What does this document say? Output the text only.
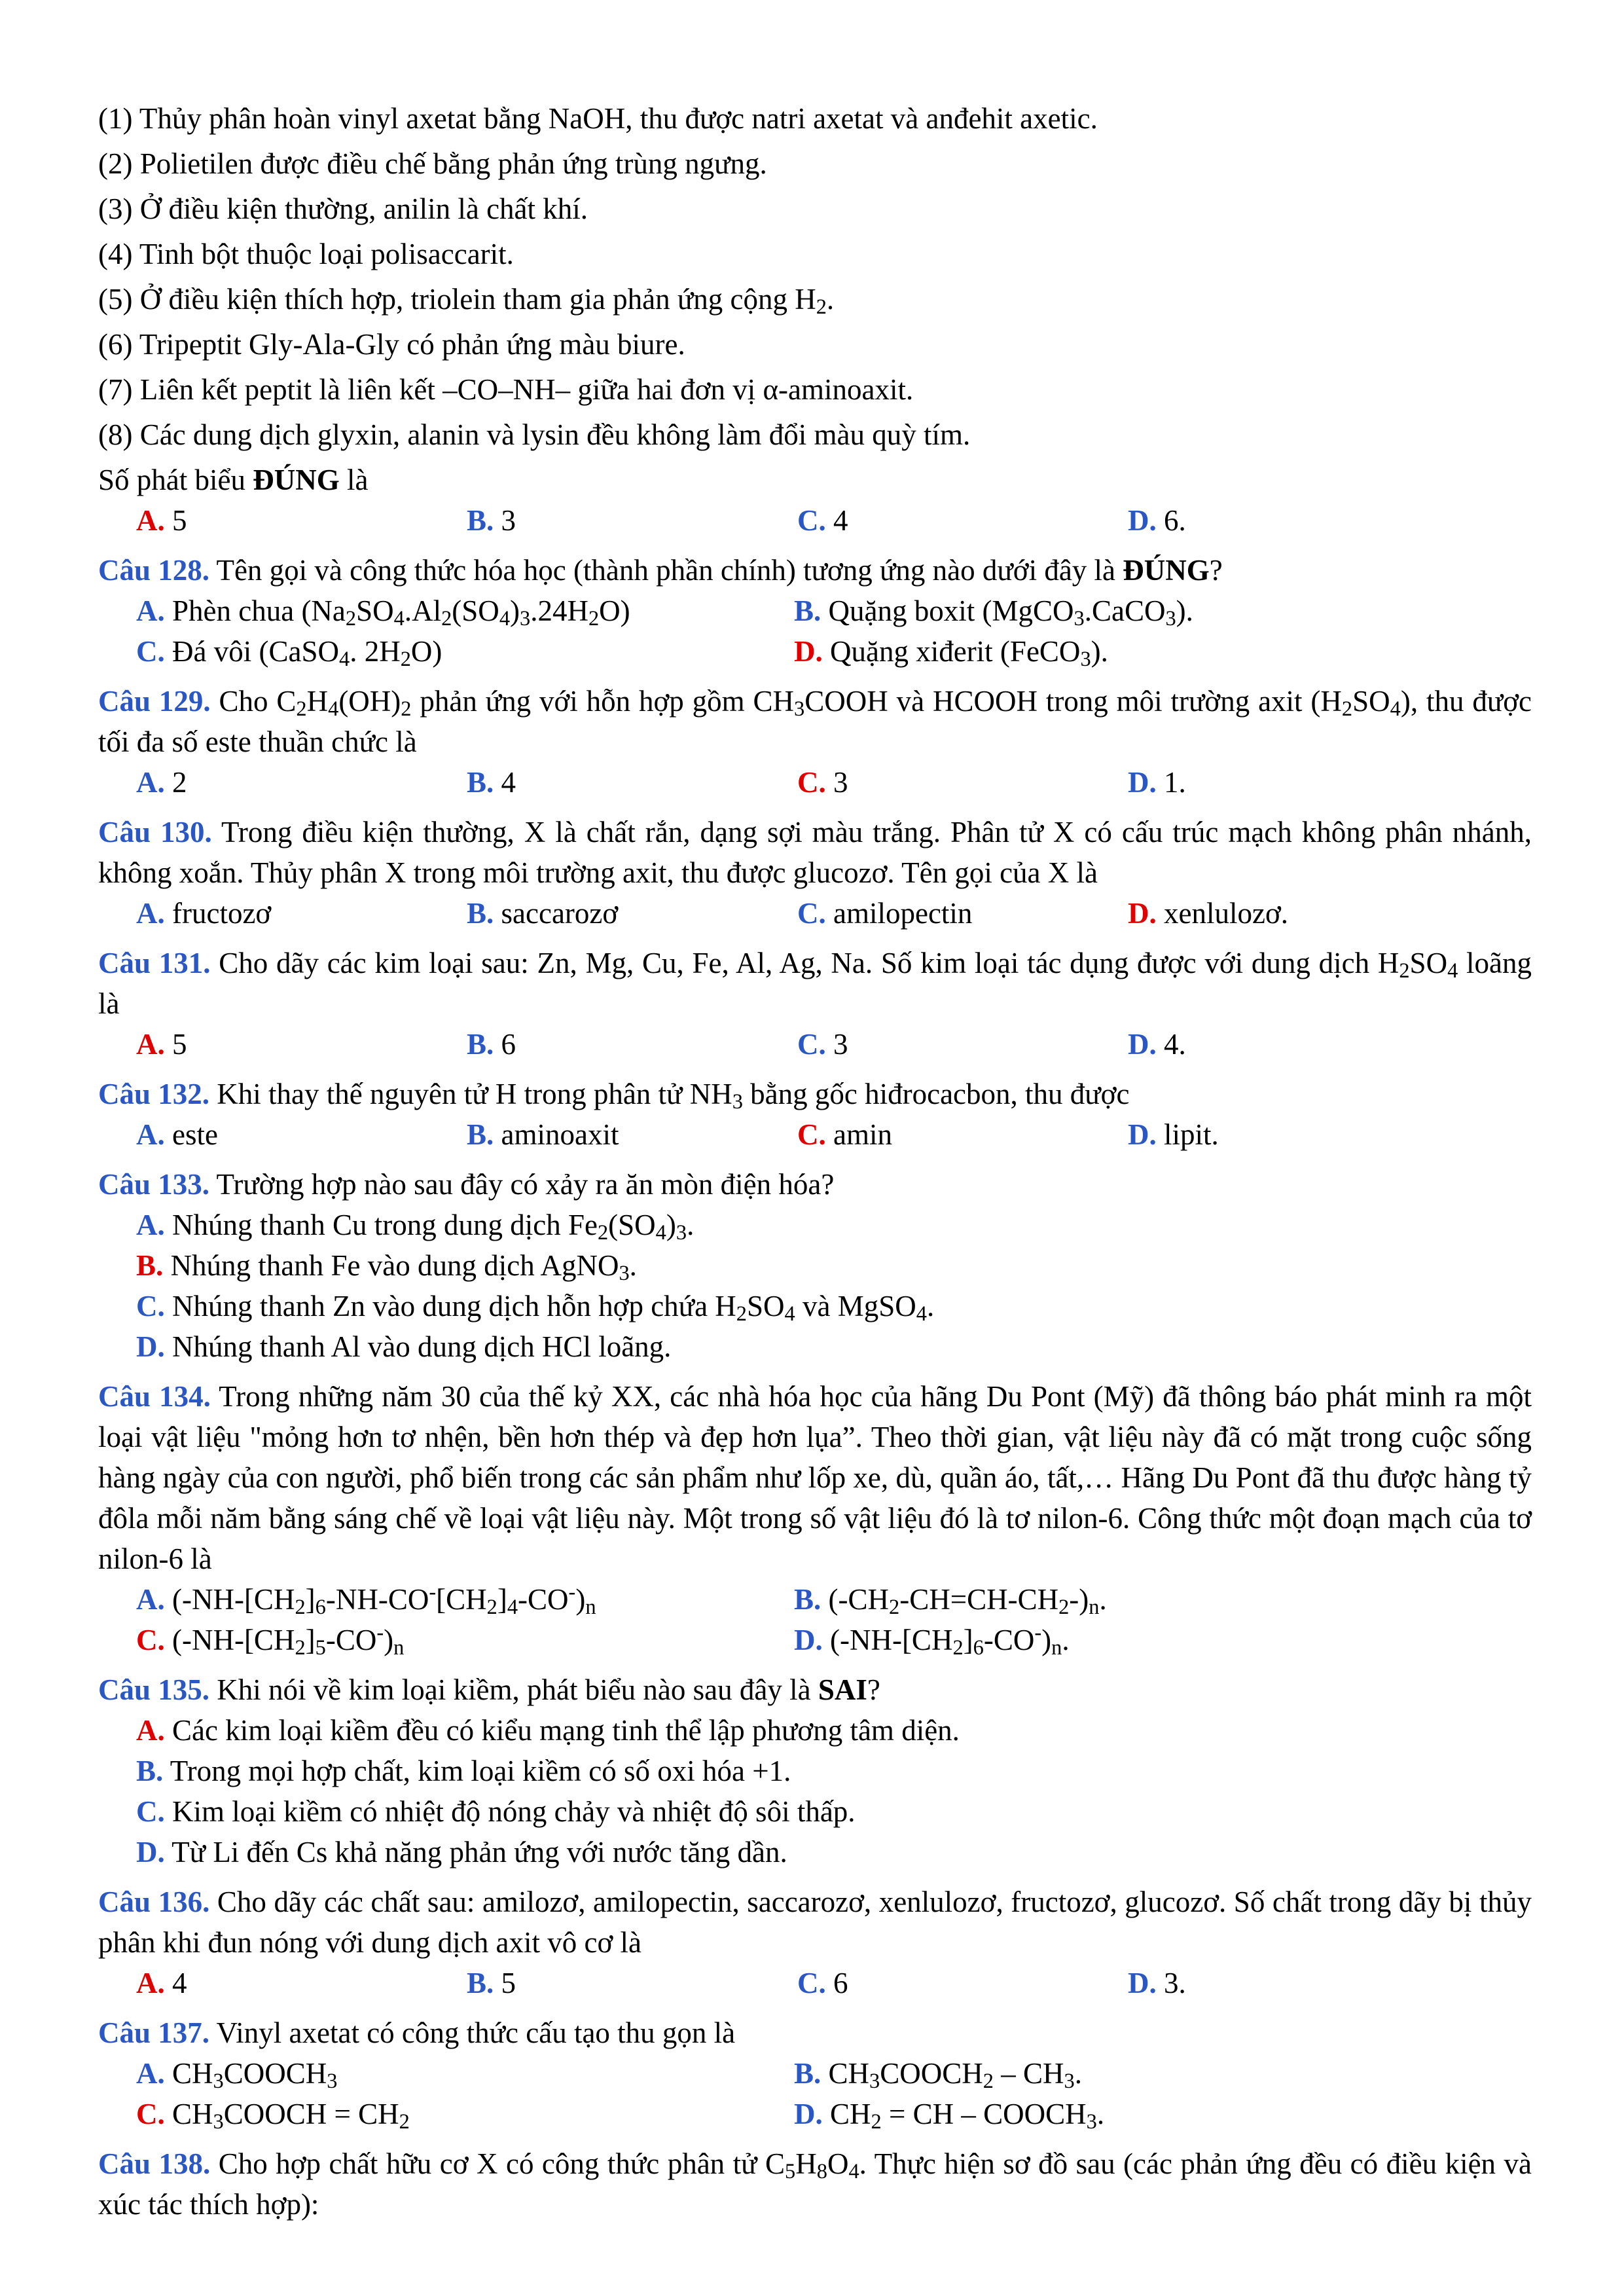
(1) Thủy phân hoàn vinyl axetat bằng NaOH, thu được natri axetat và anđehit axetic.
(2) Polietilen được điều chế bằng phản ứng trùng ngưng.
(3) Ở điều kiện thường, anilin là chất khí.
(4) Tinh bột thuộc loại polisaccarit.
(5) Ở điều kiện thích hợp, triolein tham gia phản ứng cộng $H_2$.
(6) Tripeptit Gly-Ala-Gly có phản ứng màu biure.
(7) Liên kết peptit là liên kết –CO–NH– giữa hai đơn vị α-aminoaxit.
(8) Các dung dịch glyxin, alanin và lysin đều không làm đổi màu quỳ tím.
Số phát biểu ĐÚNG là
A. 5	B. 3	C. 4	D. 6.
Câu 128. Tên gọi và công thức hóa học (thành phần chính) tương ứng nào dưới đây là ĐÚNG?
A. Phèn chua $(Na_2SO_4.Al_2(SO_4)_3.24H_2O)$	B. Quặng boxit (MgCO$_3$.CaCO$_3$).
C. Đá vôi (CaSO$_4$. $2H_2O$)	D. Quặng xiđerit (FeCO$_3$).
Câu 129. Cho $C_2H_4(OH)_2$ phản ứng với hỗn hợp gồm $CH_3COOH$ và HCOOH trong môi trường axit $(H_2SO_4)$, thu được tối đa số este thuần chức là
A. 2	B. 4	C. 3	D. 1.
Câu 130. Trong điều kiện thường, X là chất rắn, dạng sợi màu trắng. Phân tử X có cấu trúc mạch không phân nhánh, không xoắn. Thủy phân X trong môi trường axit, thu được glucozơ. Tên gọi của X là
A. fructozơ	B. saccarozơ	C. amilopectin	D. xenlulozơ.
Câu 131. Cho dãy các kim loại sau: Zn, Mg, Cu, Fe, Al, Ag, Na. Số kim loại tác dụng được với dung dịch $H_2SO_4$ loãng là
A. 5	B. 6	C. 3	D. 4.
Câu 132. Khi thay thế nguyên tử H trong phân tử $NH_3$ bằng gốc hiđrocacbon, thu được
A. este	B. aminoaxit	C. amin	D. lipit.
Câu 133. Trường hợp nào sau đây có xảy ra ăn mòn điện hóa?
A. Nhúng thanh Cu trong dung dịch $Fe_2(SO_4)_3$.
B. Nhúng thanh Fe vào dung dịch AgNO$_3$.
C. Nhúng thanh Zn vào dung dịch hỗn hợp chứa $H_2SO_4$ và MgSO$_4$.
D. Nhúng thanh Al vào dung dịch HCl loãng.
Câu 134. Trong những năm 30 của thế kỷ XX, các nhà hóa học của hãng Du Pont (Mỹ) đã thông báo phát minh ra một loại vật liệu "mỏng hơn tơ nhện, bền hơn thép và đẹp hơn lụa”. Theo thời gian, vật liệu này đã có mặt trong cuộc sống hàng ngày của con người, phổ biến trong các sản phẩm như lốp xe, dù, quần áo, tất,… Hãng Du Pont đã thu được hàng tỷ đôla mỗi năm bằng sáng chế về loại vật liệu này. Một trong số vật liệu đó là tơ nilon-6. Công thức một đoạn mạch của tơ nilon-6 là
A. $(-NH-[CH_2]_6-NH-CO^-[CH_2]_4-CO^-)_n$	B. $(-CH_2-CH=CH-CH_2-)_n$.
C. $(-NH-[CH_2]_5-CO^-)_n$	D. $(-NH-[CH_2]_6-CO^-)_n$.
Câu 135. Khi nói về kim loại kiềm, phát biểu nào sau đây là SAI?
A. Các kim loại kiềm đều có kiểu mạng tinh thể lập phương tâm diện.
B. Trong mọi hợp chất, kim loại kiềm có số oxi hóa +1.
C. Kim loại kiềm có nhiệt độ nóng chảy và nhiệt độ sôi thấp.
D. Từ Li đến Cs khả năng phản ứng với nước tăng dần.
Câu 136. Cho dãy các chất sau: amilozơ, amilopectin, saccarozơ, xenlulozơ, fructozơ, glucozơ. Số chất trong dãy bị thủy phân khi đun nóng với dung dịch axit vô cơ là
A. 4	B. 5	C. 6	D. 3.
Câu 137. Vinyl axetat có công thức cấu tạo thu gọn là
A. $CH_3COOCH_3$	B. $CH_3COOCH_2 - CH_3$.
C. $CH_3COOCH = CH_2$	D. $CH_2$ = CH – $COOCH_3$.
Câu 138. Cho hợp chất hữu cơ X có công thức phân tử $C_5H_8O_4$. Thực hiện sơ đồ sau (các phản ứng đều có điều kiện và xúc tác thích hợp):
